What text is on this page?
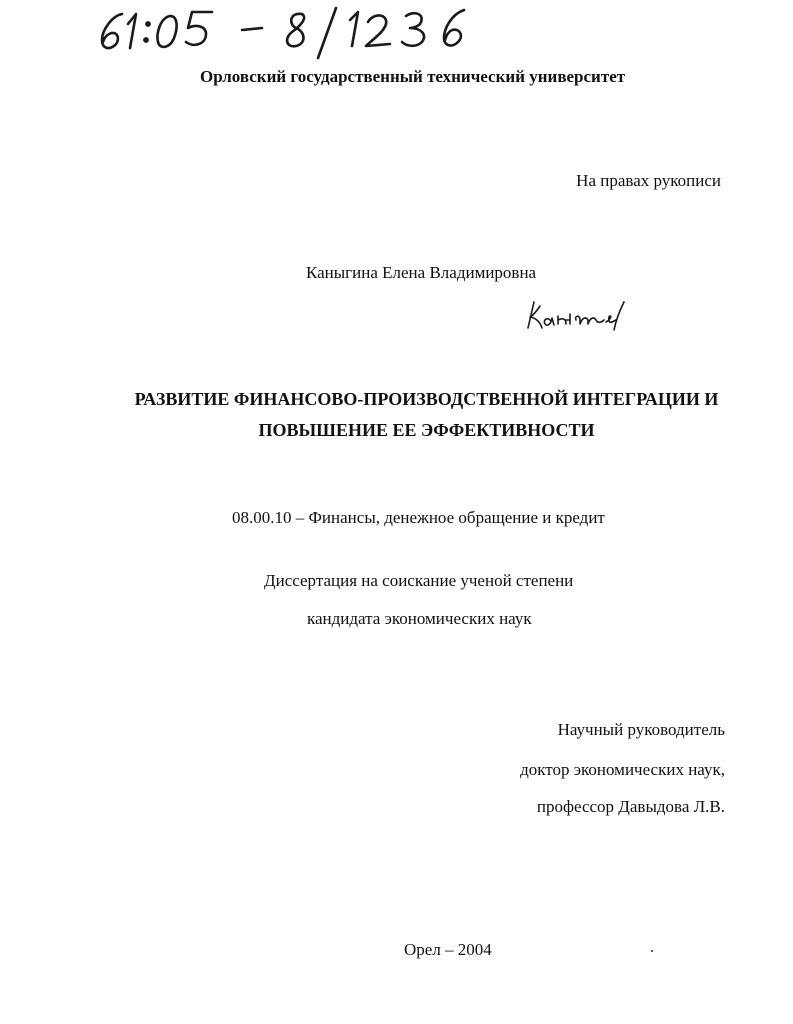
Орловский государственный технический университет
На правах рукописи
Каныгина Елена Владимировна
РАЗВИТИЕ ФИНАНСОВО-ПРОИЗВОДСТВЕННОЙ ИНТЕГРАЦИИ И
ПОВЫШЕНИЕ ЕЕ ЭФФЕКТИВНОСТИ
08.00.10 – Финансы, денежное обращение и кредит
Диссертация на соискание ученой степени
кандидата экономических наук
Научный руководитель
доктор экономических наук,
профессор Давыдова Л.В.
Орел – 2004
